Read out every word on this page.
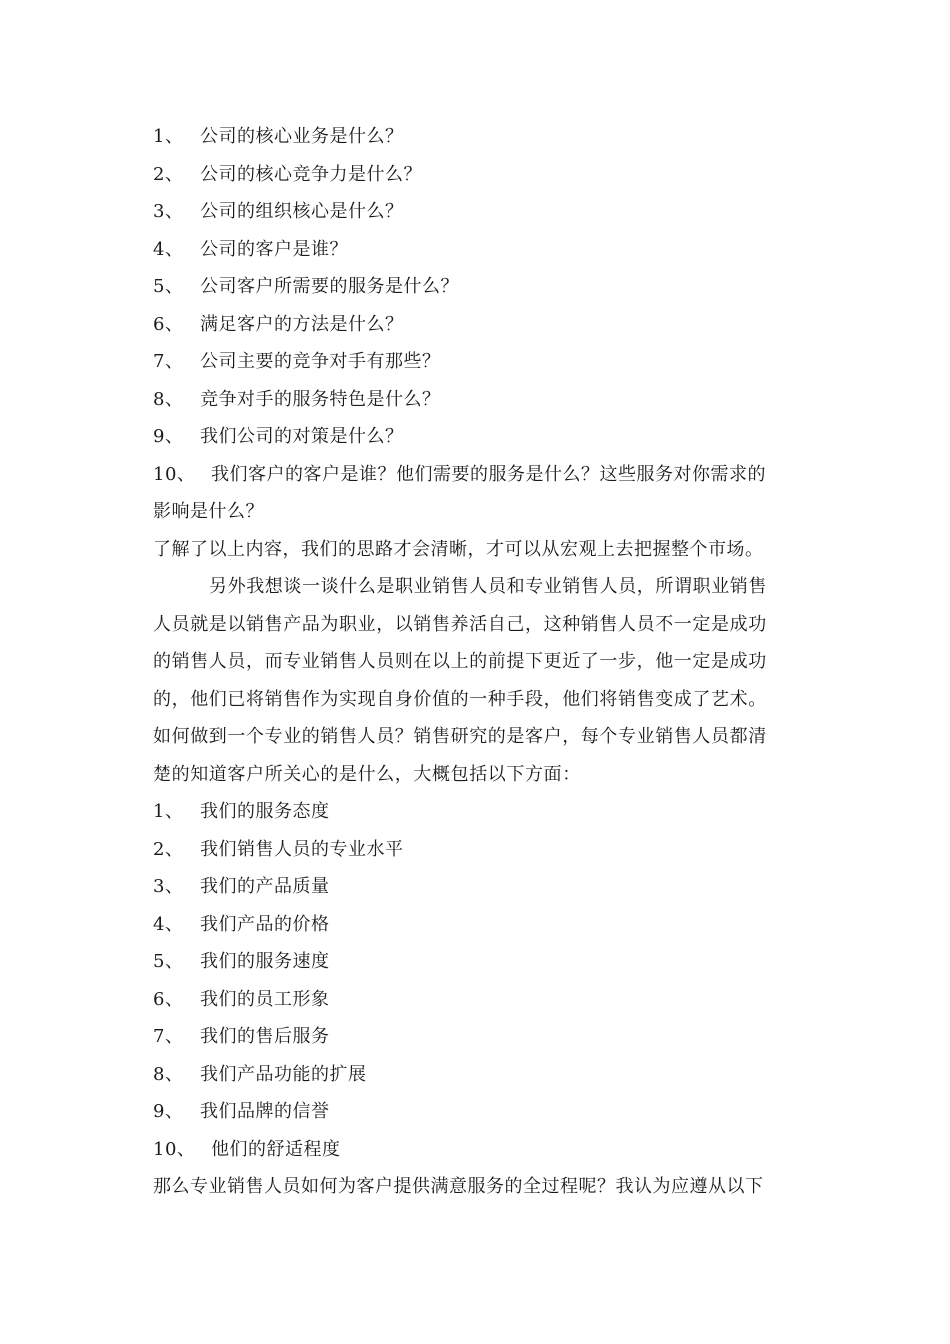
1、 公司的核心业务是什么？
2、 公司的核心竞争力是什么？
3、 公司的组织核心是什么？
4、 公司的客户是谁？
5、 公司客户所需要的服务是什么？
6、 满足客户的方法是什么？
7、 公司主要的竞争对手有那些？
8、 竞争对手的服务特色是什么？
9、 我们公司的对策是什么？
10、 我们客户的客户是谁？他们需要的服务是什么？这些服务对你需求的
影响是什么？
了解了以上内容，我们的思路才会清晰，才可以从宏观上去把握整个市场。
另外我想谈一谈什么是职业销售人员和专业销售人员，所谓职业销售
人员就是以销售产品为职业，以销售养活自己，这种销售人员不一定是成功
的销售人员，而专业销售人员则在以上的前提下更近了一步，他一定是成功
的，他们已将销售作为实现自身价值的一种手段，他们将销售变成了艺术。
如何做到一个专业的销售人员？销售研究的是客户，每个专业销售人员都清
楚的知道客户所关心的是什么，大概包括以下方面：
1、 我们的服务态度
2、 我们销售人员的专业水平
3、 我们的产品质量
4、 我们产品的价格
5、 我们的服务速度
6、 我们的员工形象
7、 我们的售后服务
8、 我们产品功能的扩展
9、 我们品牌的信誉
10、 他们的舒适程度
那么专业销售人员如何为客户提供满意服务的全过程呢？我认为应遵从以下
